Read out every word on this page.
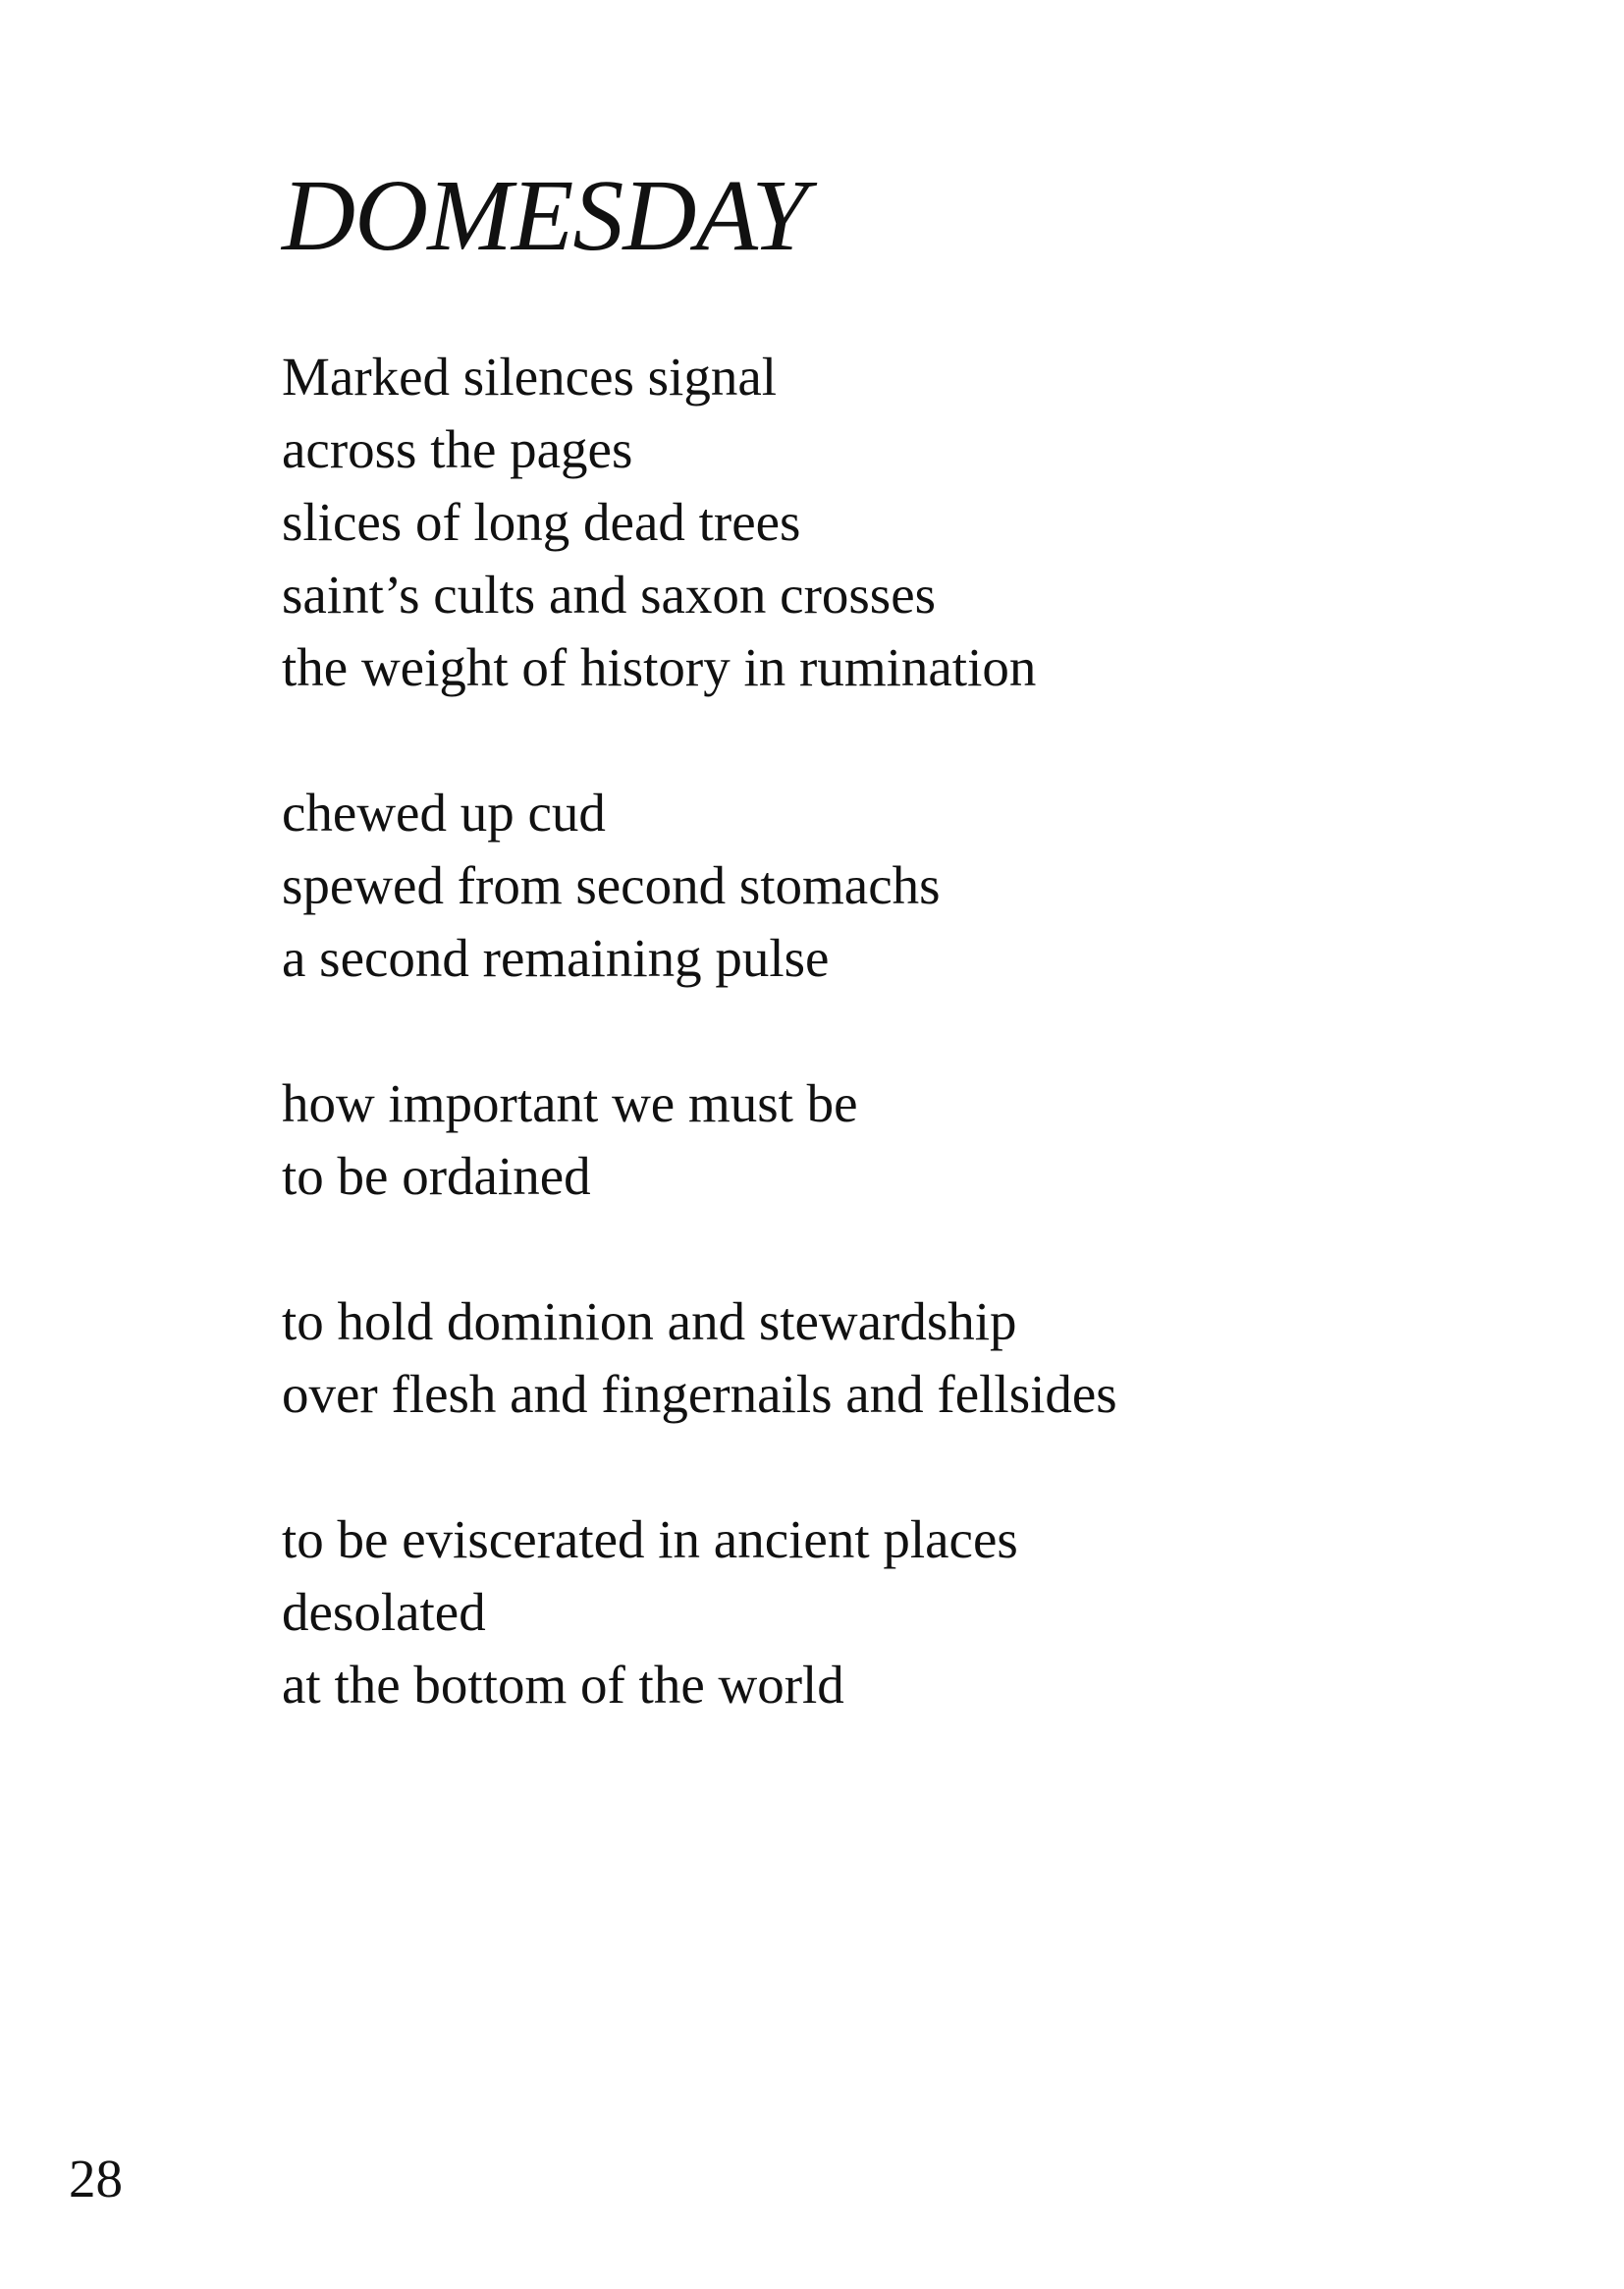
DOMESDAY

Marked silences signal
across the pages
slices of long dead trees
saint’s cults and saxon crosses
the weight of history in rumination

chewed up cud
spewed from second stomachs
a second remaining pulse

how important we must be
to be ordained

to hold dominion and stewardship
over flesh and fingernails and fellsides

to be eviscerated in ancient places
desolated
at the bottom of the world

28
